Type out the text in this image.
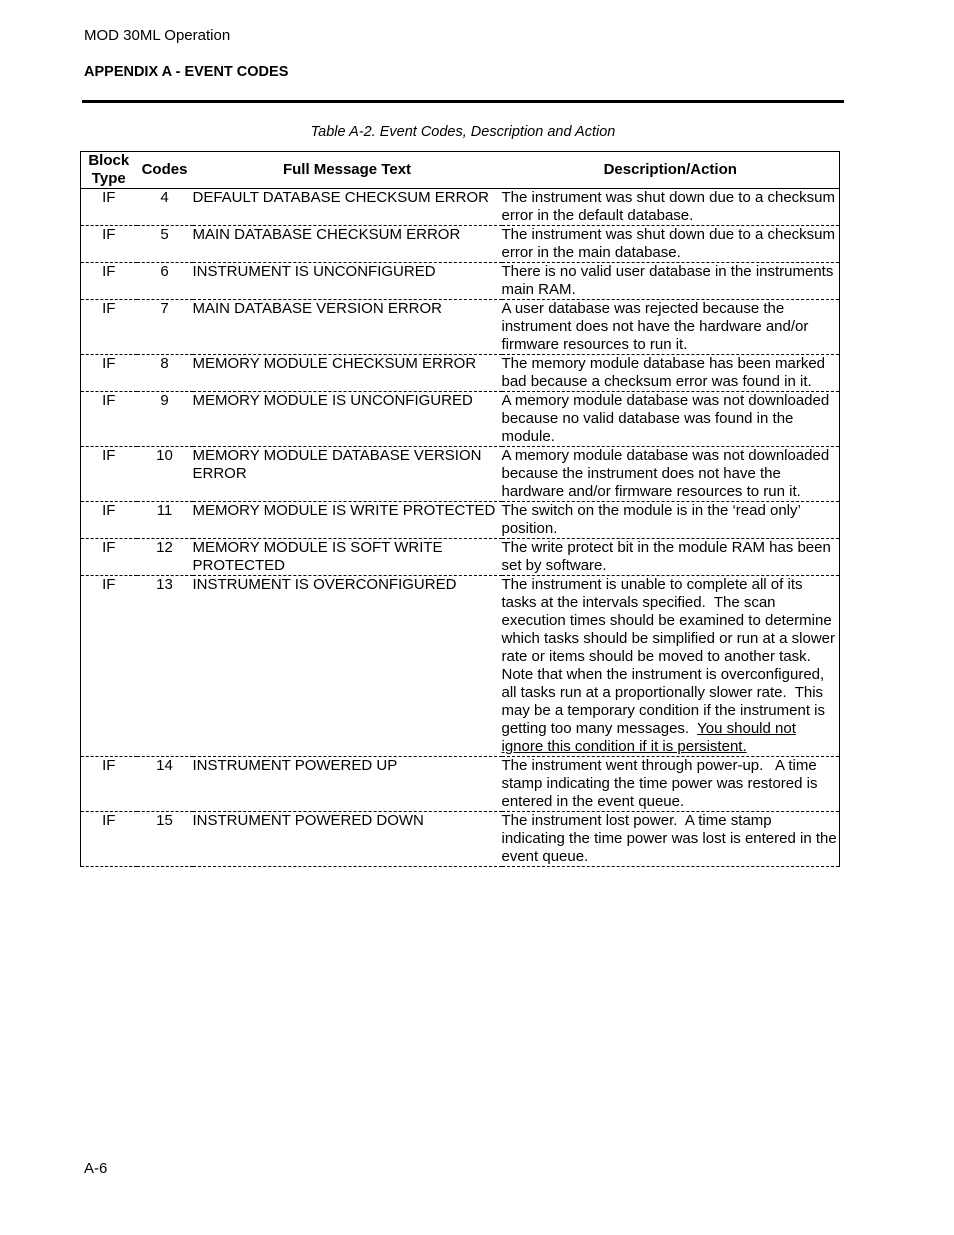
MOD 30ML Operation
APPENDIX A - EVENT CODES
Table A-2. Event Codes, Description and Action
Block
Type	Codes	Full Message Text	Description/Action
IF	4	DEFAULT DATABASE CHECKSUM ERROR	The instrument was shut down due to a checksum error in the default database.
IF	5	MAIN DATABASE CHECKSUM ERROR	The instrument was shut down due to a checksum error in the main database.
IF	6	INSTRUMENT IS UNCONFIGURED	There is no valid user database in the instruments main RAM.
IF	7	MAIN DATABASE VERSION ERROR	A user database was rejected because the instrument does not have the hardware and/or firmware resources to run it.
IF	8	MEMORY MODULE CHECKSUM ERROR	The memory module database has been marked bad because a checksum error was found in it.
IF	9	MEMORY MODULE IS UNCONFIGURED	A memory module database was not downloaded because no valid database was found in the module.
IF	10	MEMORY MODULE DATABASE VERSION ERROR	A memory module database was not downloaded because the instrument does not have the hardware and/or firmware resources to run it.
IF	11	MEMORY MODULE IS WRITE PROTECTED	The switch on the module is in the ‘read only’ position.
IF	12	MEMORY MODULE IS SOFT WRITE PROTECTED	The write protect bit in the module RAM has been set by software.
IF	13	INSTRUMENT IS OVERCONFIGURED	The instrument is unable to complete all of its tasks at the intervals specified.  The scan execution times should be examined to determine which tasks should be simplified or run at a slower rate or items should be moved to another task.  Note that when the instrument is overconfigured, all tasks run at a proportionally slower rate.  This may be a temporary condition if the instrument is getting too many messages.  You should not ignore this condition if it is persistent.
IF	14	INSTRUMENT POWERED UP	The instrument went through power-up.   A time stamp indicating the time power was restored is entered in the event queue.
IF	15	INSTRUMENT POWERED DOWN	The instrument lost power.  A time stamp indicating the time power was lost is entered in the event queue.
A-6
